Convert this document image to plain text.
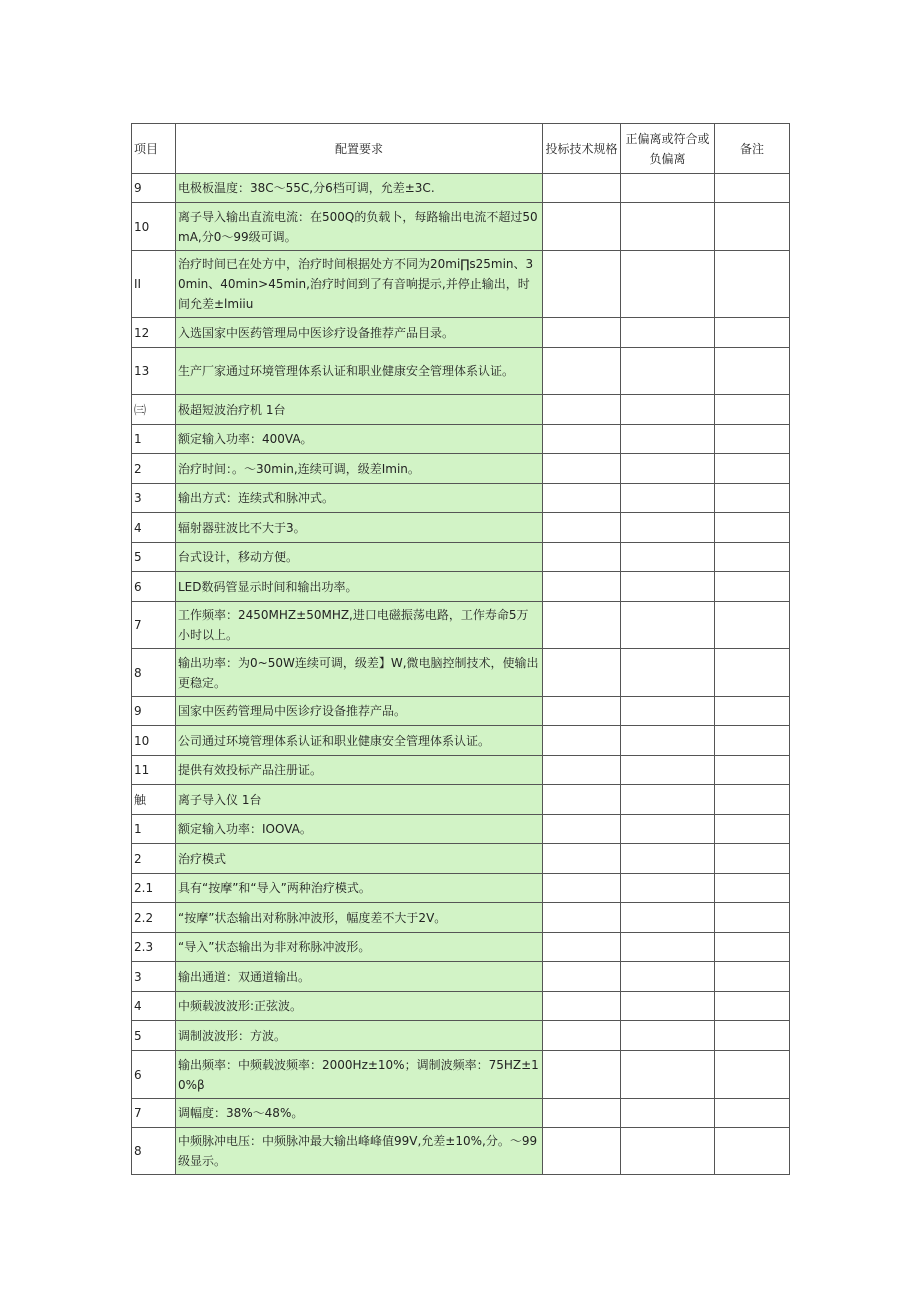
项目	配置要求	投标技术规格	正偏离或符合或负偏离	备注
9	电极板温度：38C～55C,分6档可调，允差±3C.			
10	离子导入输出直流电流：在500Q的负载卜，每路输出电流不超过50mA,分0～99级可调。			
II	治疗时间已在处方中，治疗时间根据处方不同为20mi∏s25min、30min、40min>45min,治疗时间到了有音响提示,并停止输出，时间允差±lmiiu			
12	入选国家中医药管理局中医诊疗设备推荐产品目录。			
13	生产厂家通过环境管理体系认证和职业健康安全管理体系认证。			
㈢	极超短波治疗机 1台			
1	额定输入功率：400VA。			
2	治疗时间：。～30min,连续可调，级差Imin。			
3	输出方式：连续式和脉冲式。			
4	辐射器驻波比不大于3。			
5	台式设计，移动方便。			
6	LED数码管显示时间和输出功率。			
7	工作频率：2450MHZ±50MHZ,进口电磁振荡电路，工作寿命5万小时以上。			
8	输出功率：为0~50W连续可调，级差】W,微电脑控制技术，使输出更稳定。			
9	国家中医药管理局中医诊疗设备推荐产品。			
10	公司通过环境管理体系认证和职业健康安全管理体系认证。			
11	提供有效投标产品注册证。			
触	离子导入仪 1台			
1	额定输入功率：IOOVA。			
2	治疗模式			
2.1	具有“按摩”和“导入”两种治疗模式。			
2.2	“按摩”状态输出对称脉冲波形，幅度差不大于2V。			
2.3	“导入”状态输出为非对称脉冲波形。			
3	输出通道：双通道输出。			
4	中频载波波形:正弦波。			
5	调制波波形：方波。			
6	输出频率：中频载波频率：2000Hz±10%；调制波频率：75HZ±10%β			
7	调幅度：38%～48%。			
8	中频脉冲电压：中频脉冲最大输出峰峰值99V,允差±10%,分。～99级显示。			
